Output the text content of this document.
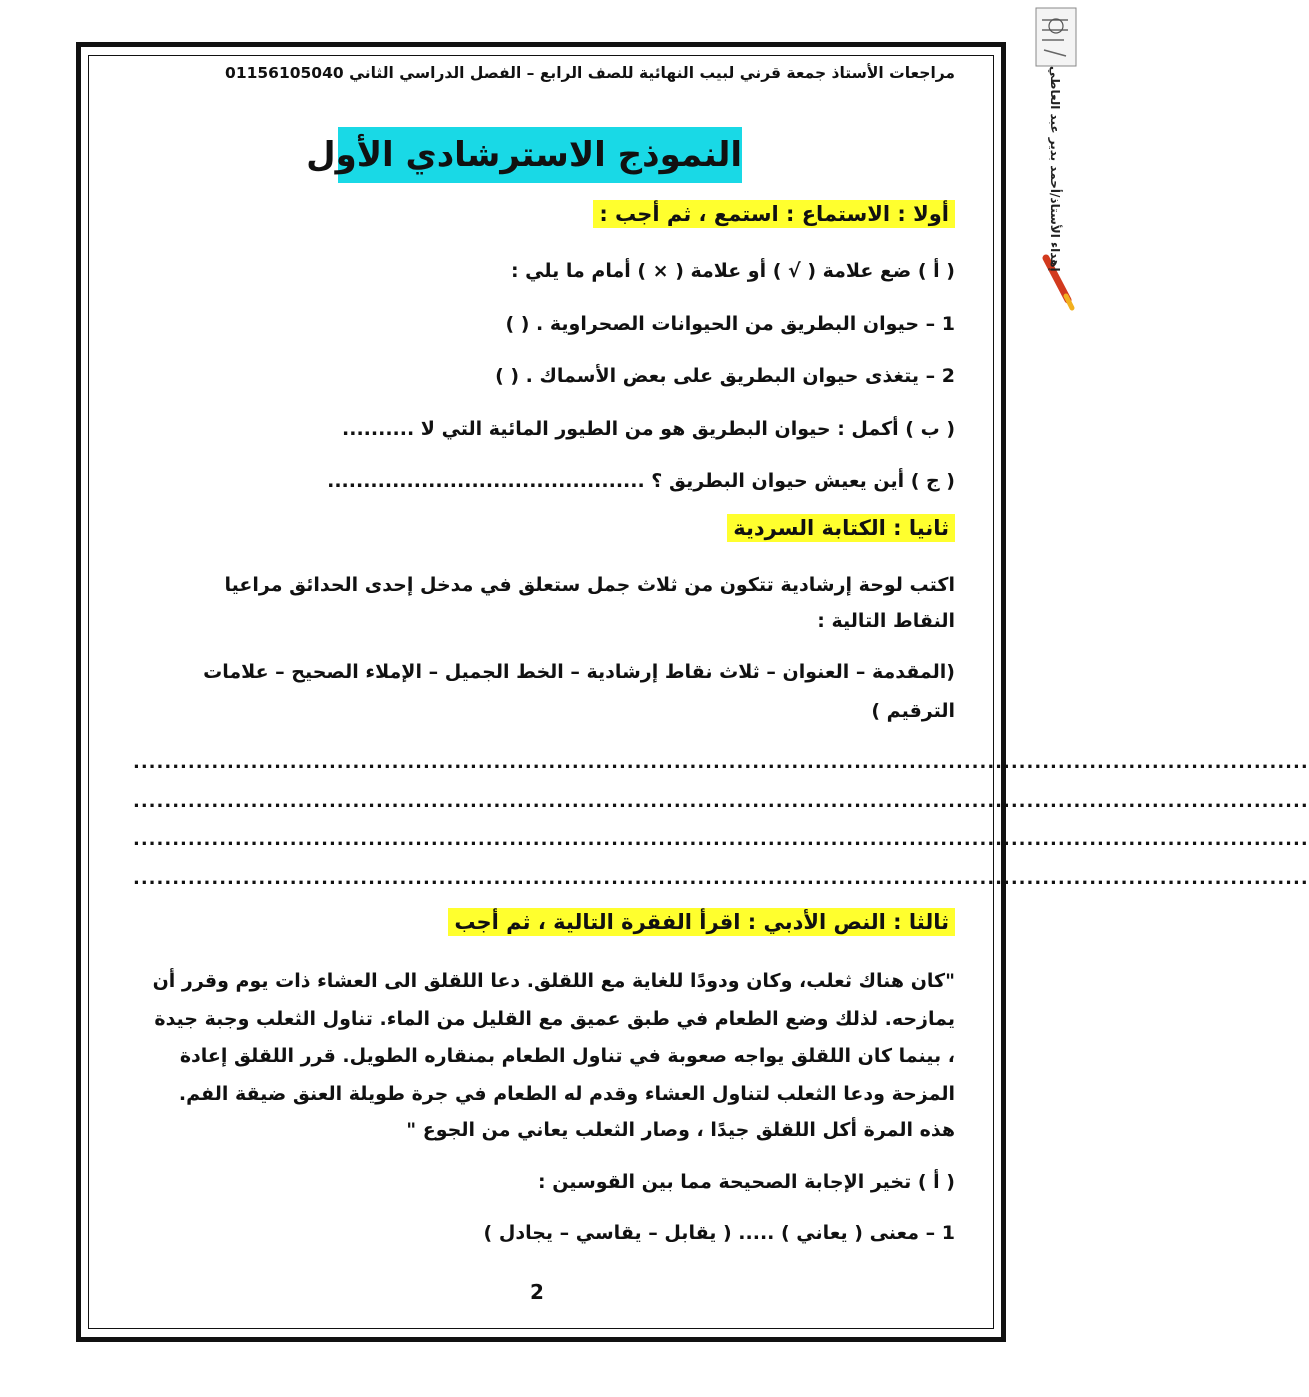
إهداء الأستاذ/أحمد بدير عبد العاطي
مراجعات الأستاذ جمعة قرني لبيب النهائية للصف الرابع – الفصل الدراسي الثاني 01156105040
النموذج الاسترشادي الأول
أولا : الاستماع : استمع ، ثم أجب :
( أ ) ضع علامة ( √ ) أو علامة ( × ) أمام ما يلي :
1 – حيوان البطريق من الحيوانات الصحراوية . ( )
2 – يتغذى حيوان البطريق على بعض الأسماك . ( )
( ب ) أكمل : حيوان البطريق هو من الطيور المائية التي لا ..........
( ج ) أين يعيش حيوان البطريق ؟ ............................................
ثانيا : الكتابة السردية
اكتب لوحة إرشادية تتكون من ثلاث جمل ستعلق في مدخل إحدى الحدائق مراعيا
النقاط التالية :
(المقدمة – العنوان – ثلاث نقاط إرشادية – الخط الجميل – الإملاء الصحيح – علامات
الترقيم )
......................................................................................................................................................
......................................................................................................................................................
......................................................................................................................................................
......................................................................................................................................................
ثالثا : النص الأدبي : اقرأ الفقرة التالية ، ثم أجب
"كان هناك ثعلب، وكان ودودًا للغاية مع اللقلق. دعا اللقلق الى العشاء ذات يوم وقرر أن
يمازحه. لذلك وضع الطعام في طبق عميق مع القليل من الماء. تناول الثعلب وجبة جيدة
، بينما كان اللقلق يواجه صعوبة في تناول الطعام بمنقاره الطويل. قرر اللقلق إعادة
المزحة ودعا الثعلب لتناول العشاء وقدم له الطعام في جرة طويلة العنق ضيقة الفم.
هذه المرة أكل اللقلق جيدًا ، وصار الثعلب يعاني من الجوع "
( أ ) تخير الإجابة الصحيحة مما بين القوسين :
1 – معنى ( يعاني ) ..... ( يقابل – يقاسي – يجادل )
2
